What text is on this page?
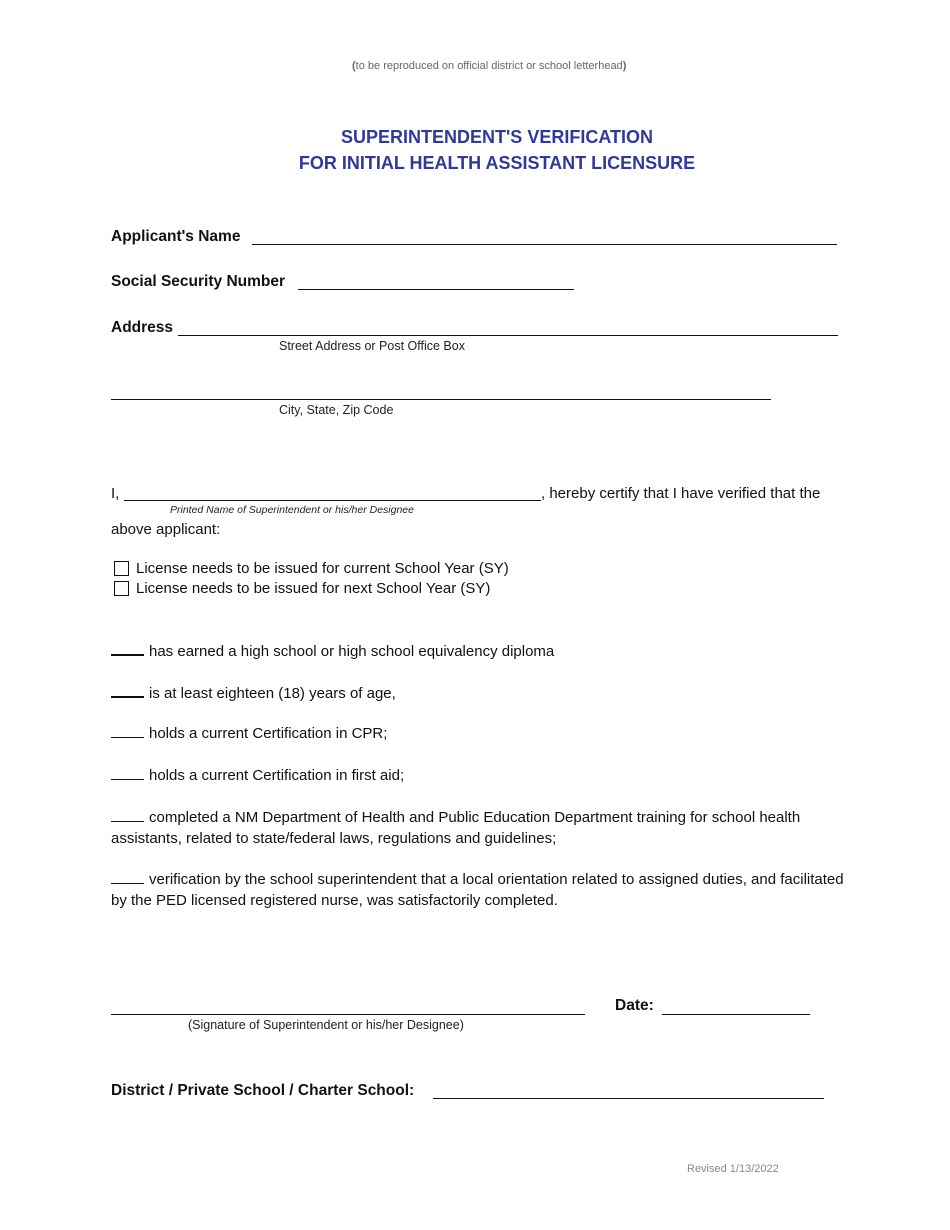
(to be reproduced on official district or school letterhead)
SUPERINTENDENT'S VERIFICATION
FOR INITIAL HEALTH ASSISTANT LICENSURE
Applicant's Name
Social Security Number
Address
Street Address or Post Office Box
City, State, Zip Code
I,	, hereby certify that I have verified that the
Printed Name of Superintendent or his/her Designee
above applicant:
License needs to be issued for current School Year (SY)
License needs to be issued for next School Year (SY)
has earned a high school or high school equivalency diploma
is at least eighteen (18) years of age,
holds a current Certification in CPR;
holds a current Certification in first aid;
completed a NM Department of Health and Public Education Department training for school health assistants, related to state/federal laws, regulations and guidelines;
verification by the school superintendent that a local orientation related to assigned duties, and facilitated by the PED licensed registered nurse, was satisfactorily completed.
(Signature of Superintendent or his/her Designee)
Date:
District / Private School / Charter School:
Revised 1/13/2022
